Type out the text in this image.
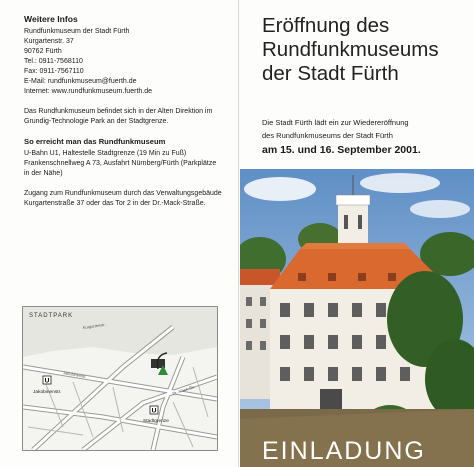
Weitere Infos

Rundfunkmuseum der Stadt Fürth

Kurgartenstr. 37

90762 Fürth

Tel.: 0911-7568110

Fax: 0911-7567110

E-Mail: rundfunkmuseum@fuerth.de

Internet: www.rundfunkmuseum.fuerth.de

Das Rundfunkmuseum befindet sich in der Alten Direktion im Grundig-Technologie Park an der Stadtgrenze.

So erreicht man das Rundfunkmuseum

U-Bahn U1, Haltestelle Stadtgrenze (19 Min zu Fuß)

Frankenschnellweg A 73, Ausfahrt Nürnberg/Fürth (Parkplätze

in der Nähe)

Zugang zum Rundfunkmuseum durch das Verwaltungsgebäude Kurgartenstraße 37 oder das Tor 2 in der Dr.-Mack-Straße.

U
U
STADTPARK
Jakobinenstr.
Stadtgrenze
Kurgartenstr.
Jakobinenstr.
Dr.-Mack-Str.
Eröffnung des
Rundfunkmuseums
der Stadt Fürth

Die Stadt Fürth lädt ein zur Wiedereröffnung

des Rundfunkmuseums der Stadt Fürth

am 15. und 16. September 2001.

EINLADUNG
